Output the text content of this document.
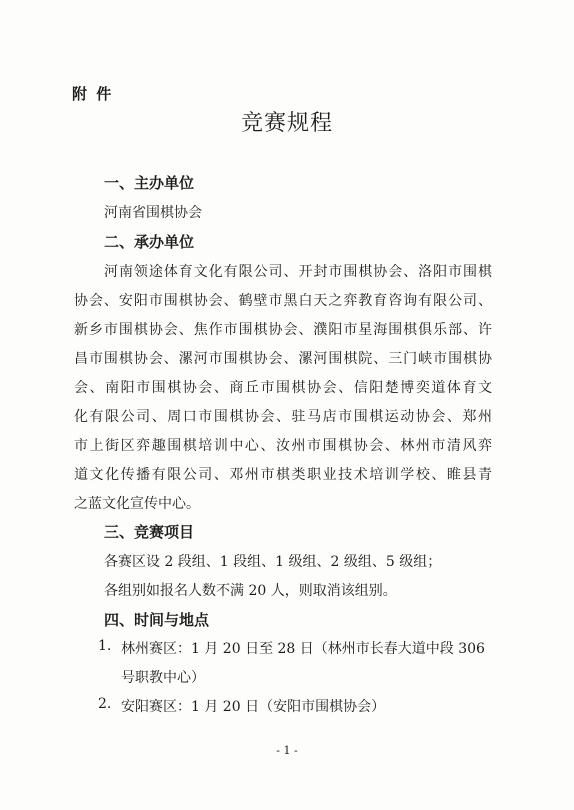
附 件
竞赛规程
一、主办单位
河南省围棋协会
二、承办单位
河南领途体育文化有限公司、开封市围棋协会、洛阳市围棋
协会、安阳市围棋协会、鹤壁市黑白天之弈教育咨询有限公司、
新乡市围棋协会、焦作市围棋协会、濮阳市星海围棋俱乐部、许
昌市围棋协会、漯河市围棋协会、漯河围棋院、三门峡市围棋协
会、南阳市围棋协会、商丘市围棋协会、信阳楚博奕道体育文
化有限公司、周口市围棋协会、驻马店市围棋运动协会、郑州
市上街区弈趣围棋培训中心、汝州市围棋协会、林州市清风弈
道文化传播有限公司、邓州市棋类职业技术培训学校、睢县青
之蓝文化宣传中心。
三、竞赛项目
各赛区设 2 段组、1 段组、1 级组、2 级组、5 级组；
各组别如报名人数不满 20 人，则取消该组别。
四、时间与地点
1. 林州赛区：1 月 20 日至 28 日（林州市长春大道中段 306
号职教中心）
2. 安阳赛区：1 月 20 日（安阳市围棋协会）
- 1 -
